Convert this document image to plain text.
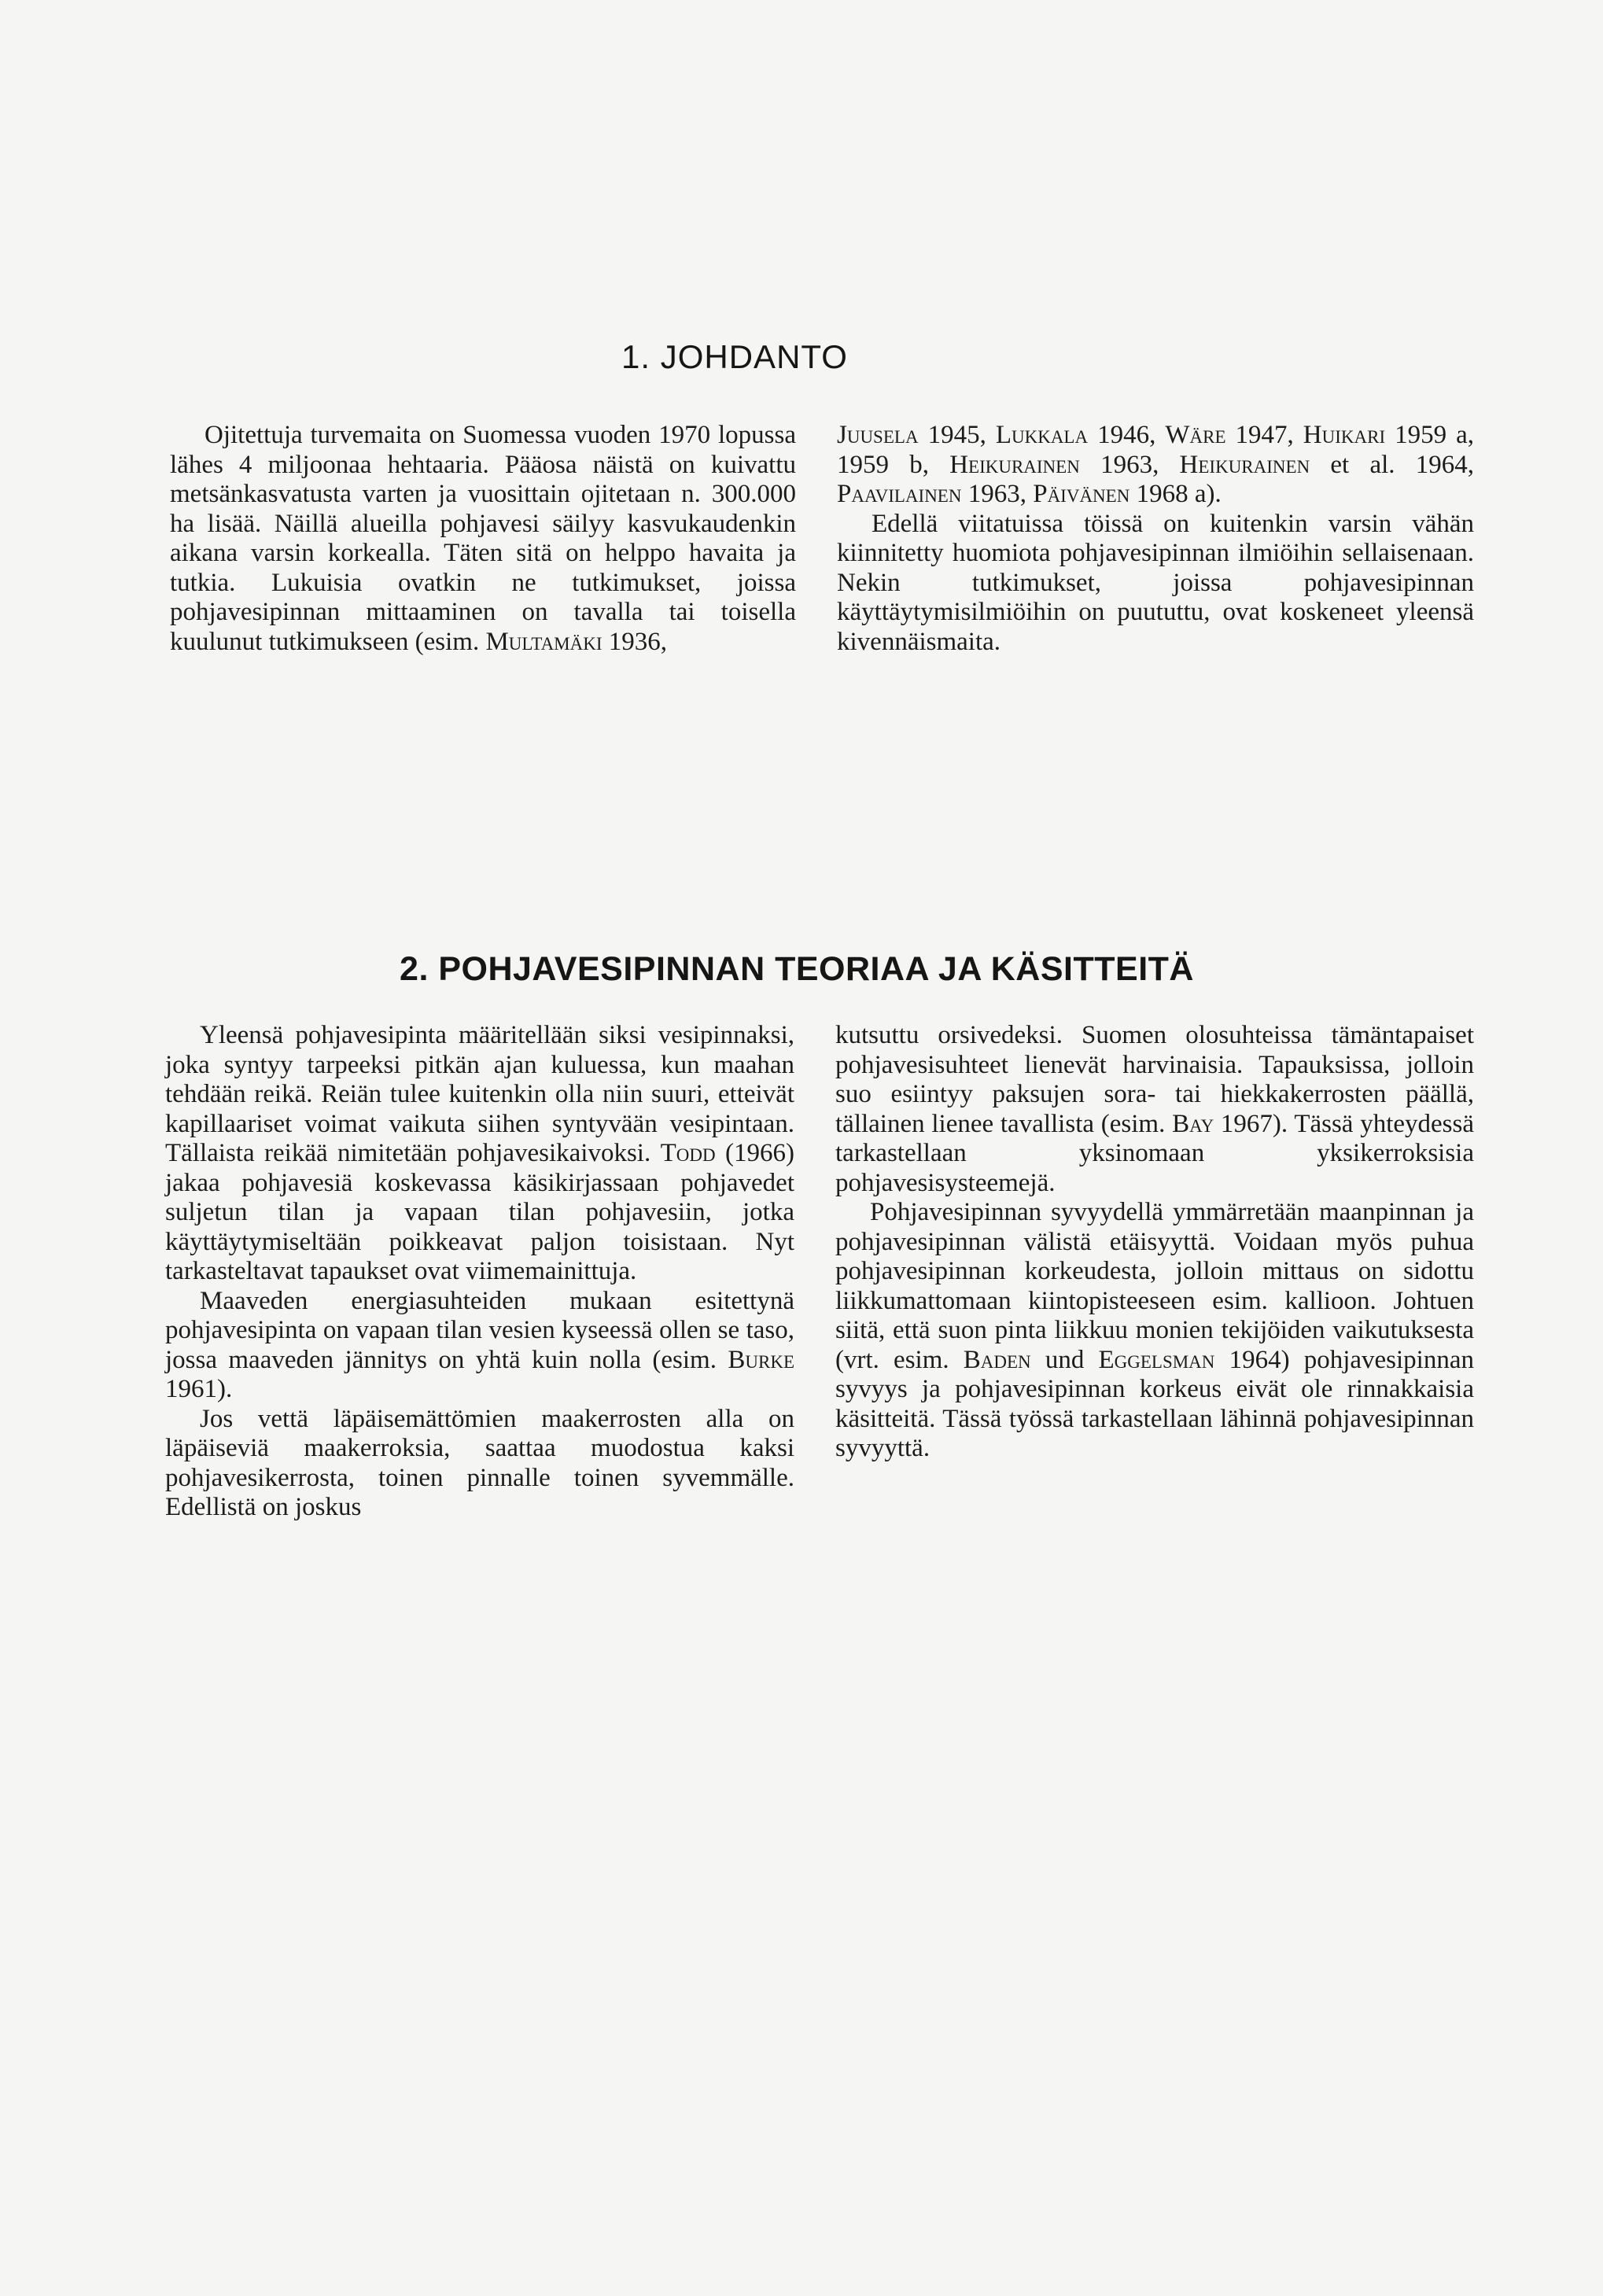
1. JOHDANTO

Ojitettuja turvemaita on Suomessa vuoden 1970 lopussa lähes 4 miljoonaa hehtaaria. Pääosa näistä on kuivattu metsänkasvatusta varten ja vuosittain ojitetaan n. 300.000 ha lisää. Näillä alueilla pohjavesi säilyy kasvukaudenkin aikana varsin korkealla. Täten sitä on helppo havaita ja tutkia. Lukuisia ovatkin ne tutkimukset, joissa pohjavesipinnan mittaaminen on tavalla tai toisella kuulunut tutkimukseen (esim. Multamäki 1936,

Juusela 1945, Lukkala 1946, Wäre 1947, Huikari 1959 a, 1959 b, Heikurainen 1963, Heikurainen et al. 1964, Paavilainen 1963, Päivänen 1968 a).

Edellä viitatuissa töissä on kuitenkin varsin vähän kiinnitetty huomiota pohjavesipinnan ilmiöihin sellaisenaan. Nekin tutkimukset, joissa pohjavesipinnan käyttäytymisilmiöihin on puututtu, ovat koskeneet yleensä kivennäismaita.

2. POHJAVESIPINNAN TEORIAA JA KÄSITTEITÄ

Yleensä pohjavesipinta määritellään siksi vesipinnaksi, joka syntyy tarpeeksi pitkän ajan kuluessa, kun maahan tehdään reikä. Reiän tulee kuitenkin olla niin suuri, etteivät kapillaariset voimat vaikuta siihen syntyvään vesipintaan. Tällaista reikää nimitetään pohjavesikaivoksi. Todd (1966) jakaa pohjavesiä koskevassa käsikirjassaan pohjavedet suljetun tilan ja vapaan tilan pohjavesiin, jotka käyttäytymiseltään poikkeavat paljon toisistaan. Nyt tarkasteltavat tapaukset ovat viimemainittuja.

Maaveden energiasuhteiden mukaan esitettynä pohjavesipinta on vapaan tilan vesien kyseessä ollen se taso, jossa maaveden jännitys on yhtä kuin nolla (esim. Burke 1961).

Jos vettä läpäisemättömien maakerrosten alla on läpäiseviä maakerroksia, saattaa muodostua kaksi pohjavesikerrosta, toinen pinnalle toinen syvemmälle. Edellistä on joskus

kutsuttu orsivedeksi. Suomen olosuhteissa tämäntapaiset pohjavesisuhteet lienevät harvinaisia. Tapauksissa, jolloin suo esiintyy paksujen sora- tai hiekkakerrosten päällä, tällainen lienee tavallista (esim. Bay 1967). Tässä yhteydessä tarkastellaan yksinomaan yksikerroksisia pohjavesisysteemejä.

Pohjavesipinnan syvyydellä ymmärretään maanpinnan ja pohjavesipinnan välistä etäisyyttä. Voidaan myös puhua pohjavesipinnan korkeudesta, jolloin mittaus on sidottu liikkumattomaan kiintopisteeseen esim. kallioon. Johtuen siitä, että suon pinta liikkuu monien tekijöiden vaikutuksesta (vrt. esim. Baden und Eggelsman 1964) pohjavesipinnan syvyys ja pohjavesipinnan korkeus eivät ole rinnakkaisia käsitteitä. Tässä työssä tarkastellaan lähinnä pohjavesipinnan syvyyttä.
